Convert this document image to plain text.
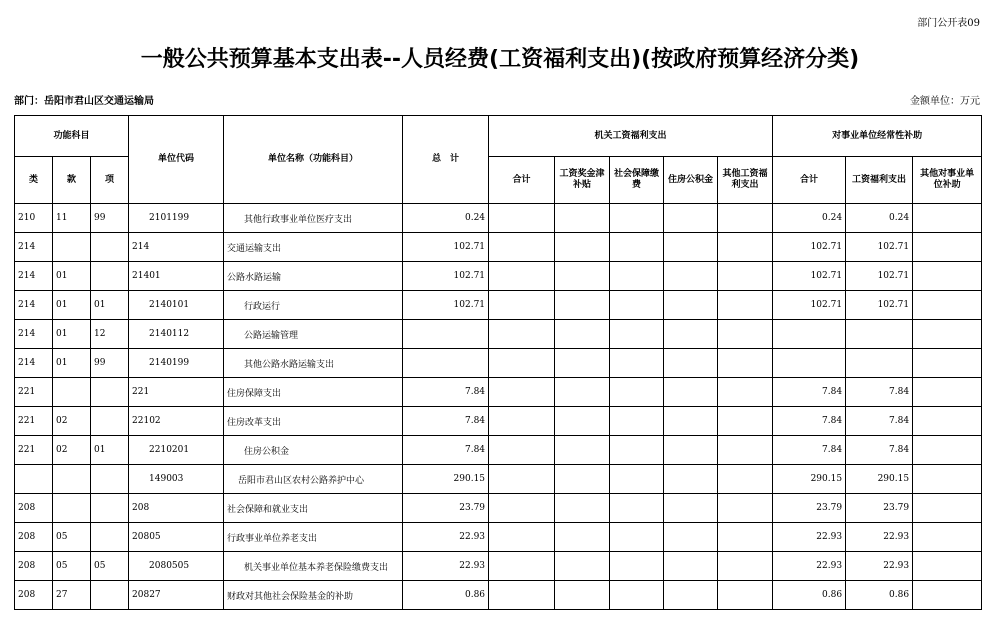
部门公开表09
一般公共预算基本支出表--人员经费(工资福利支出)(按政府预算经济分类)
部门：岳阳市君山区交通运输局	金额单位：万元
功能科目			单位代码	单位名称（功能科目）	总　计	机关工资福利支出					对事业单位经常性补助		
类	款	项				合计	工资奖金津补贴	社会保障缴费	住房公积金	其他工资福利支出	合计	工资福利支出	其他对事业单位补助
210	11	99	2101199	其他行政事业单位医疗支出	0.24						0.24	0.24	
214			214	交通运输支出	102.71						102.71	102.71	
214	01		21401	公路水路运输	102.71						102.71	102.71	
214	01	01	2140101	行政运行	102.71						102.71	102.71	
214	01	12	2140112	公路运输管理									
214	01	99	2140199	其他公路水路运输支出									
221			221	住房保障支出	7.84						7.84	7.84	
221	02		22102	住房改革支出	7.84						7.84	7.84	
221	02	01	2210201	住房公积金	7.84						7.84	7.84	
			149003	岳阳市君山区农村公路养护中心	290.15						290.15	290.15	
208			208	社会保障和就业支出	23.79						23.79	23.79	
208	05		20805	行政事业单位养老支出	22.93						22.93	22.93	
208	05	05	2080505	机关事业单位基本养老保险缴费支出	22.93						22.93	22.93	
208	27		20827	财政对其他社会保险基金的补助	0.86						0.86	0.86	
